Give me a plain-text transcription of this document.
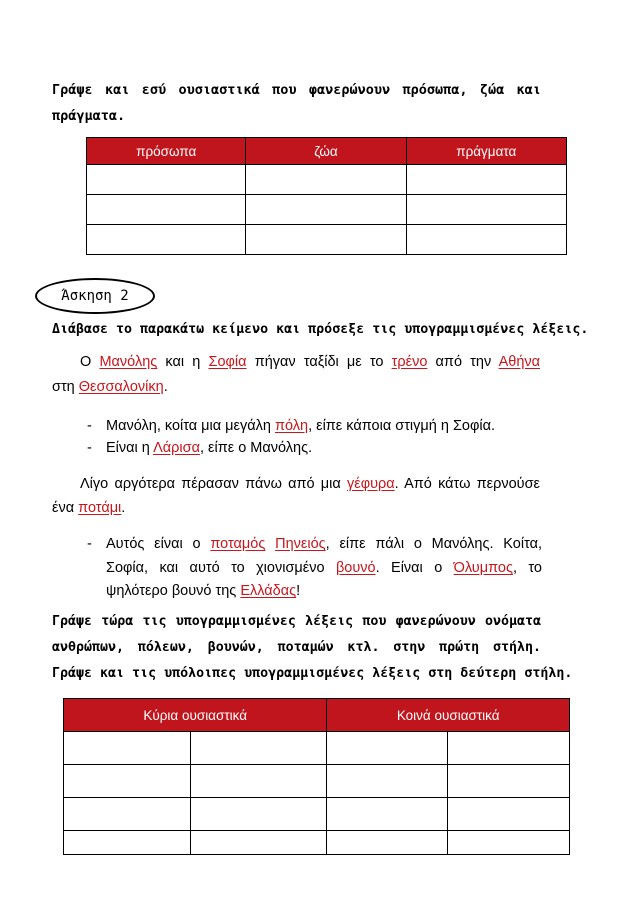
Γράψε και εσύ ουσιαστικά που φανερώνουν πρόσωπα, ζώα και
πράγματα.
πρόσωπα	ζώα	πράγματα

Άσκηση 2
Διάβασε το παρακάτω κείμενο και πρόσεξε τις υπογραμμισμένες λέξεις.
Ο Μανόλης και η Σοφία πήγαν ταξίδι με το τρένο από την Αθήνα
στη Θεσσαλονίκη.
- Μανόλη, κοίτα μια μεγάλη πόλη, είπε κάποια στιγμή η Σοφία.
- Είναι η Λάρισα, είπε ο Μανόλης.
Λίγο αργότερα πέρασαν πάνω από μια γέφυρα. Από κάτω περνούσε
ένα ποτάμι.
- Αυτός είναι ο ποταμός Πηνειός, είπε πάλι ο Μανόλης. Κοίτα,
Σοφία, και αυτό το χιονισμένο βουνό. Είναι ο Όλυμπος, το
ψηλότερο βουνό της Ελλάδας!
Γράψε τώρα τις υπογραμμισμένες λέξεις που φανερώνουν ονόματα
ανθρώπων, πόλεων, βουνών, ποταμών κτλ. στην πρώτη στήλη.
Γράψε και τις υπόλοιπες υπογραμμισμένες λέξεις στη δεύτερη στήλη.
Κύρια ουσιαστικά		Κοινά ουσιαστικά	
